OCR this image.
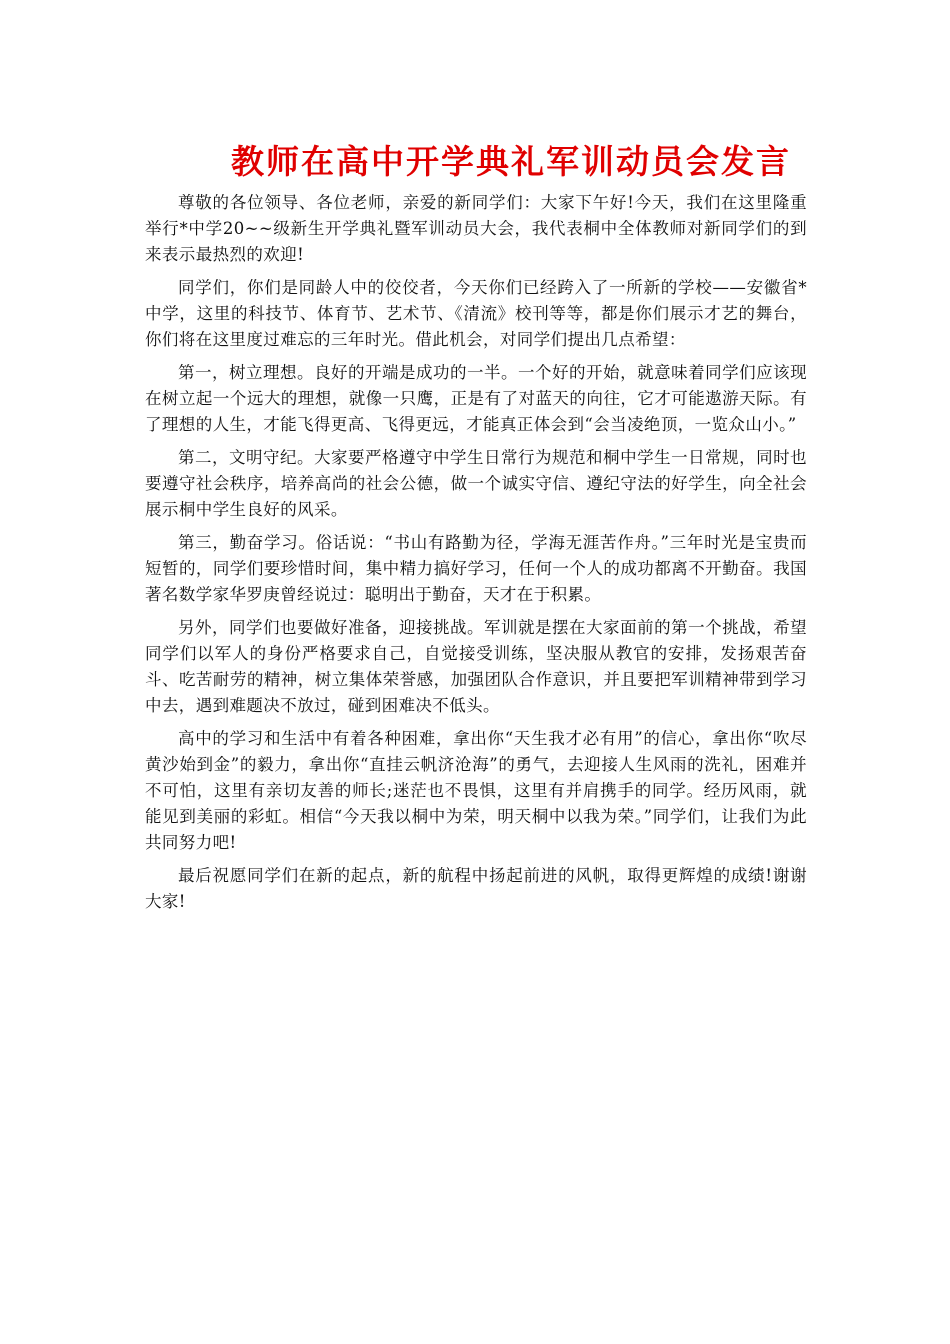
教师在高中开学典礼军训动员会发言

尊敬的各位领导、各位老师，亲爱的新同学们：大家下午好!今天，我们在这里隆重举行*中学20~~级新生开学典礼暨军训动员大会，我代表桐中全体教师对新同学们的到来表示最热烈的欢迎!

同学们，你们是同龄人中的佼佼者，今天你们已经跨入了一所新的学校——安徽省*中学，这里的科技节、体育节、艺术节、《清流》校刊等等，都是你们展示才艺的舞台，你们将在这里度过难忘的三年时光。借此机会，对同学们提出几点希望：

第一，树立理想。良好的开端是成功的一半。一个好的开始，就意味着同学们应该现在树立起一个远大的理想，就像一只鹰，正是有了对蓝天的向往，它才可能遨游天际。有了理想的人生，才能飞得更高、飞得更远，才能真正体会到“会当凌绝顶，一览众山小。”

第二，文明守纪。大家要严格遵守中学生日常行为规范和桐中学生一日常规，同时也要遵守社会秩序，培养高尚的社会公德，做一个诚实守信、遵纪守法的好学生，向全社会展示桐中学生良好的风采。

第三，勤奋学习。俗话说：“书山有路勤为径，学海无涯苦作舟。”三年时光是宝贵而短暂的，同学们要珍惜时间，集中精力搞好学习，任何一个人的成功都离不开勤奋。我国著名数学家华罗庚曾经说过：聪明出于勤奋，天才在于积累。

另外，同学们也要做好准备，迎接挑战。军训就是摆在大家面前的第一个挑战，希望同学们以军人的身份严格要求自己，自觉接受训练，坚决服从教官的安排，发扬艰苦奋斗、吃苦耐劳的精神，树立集体荣誉感，加强团队合作意识，并且要把军训精神带到学习中去，遇到难题决不放过，碰到困难决不低头。

高中的学习和生活中有着各种困难，拿出你“天生我才必有用”的信心，拿出你“吹尽黄沙始到金”的毅力，拿出你“直挂云帆济沧海”的勇气，去迎接人生风雨的洗礼，困难并不可怕，这里有亲切友善的师长;迷茫也不畏惧，这里有并肩携手的同学。经历风雨，就能见到美丽的彩虹。相信“今天我以桐中为荣，明天桐中以我为荣。”同学们，让我们为此共同努力吧!

最后祝愿同学们在新的起点，新的航程中扬起前进的风帆，取得更辉煌的成绩!谢谢大家!
